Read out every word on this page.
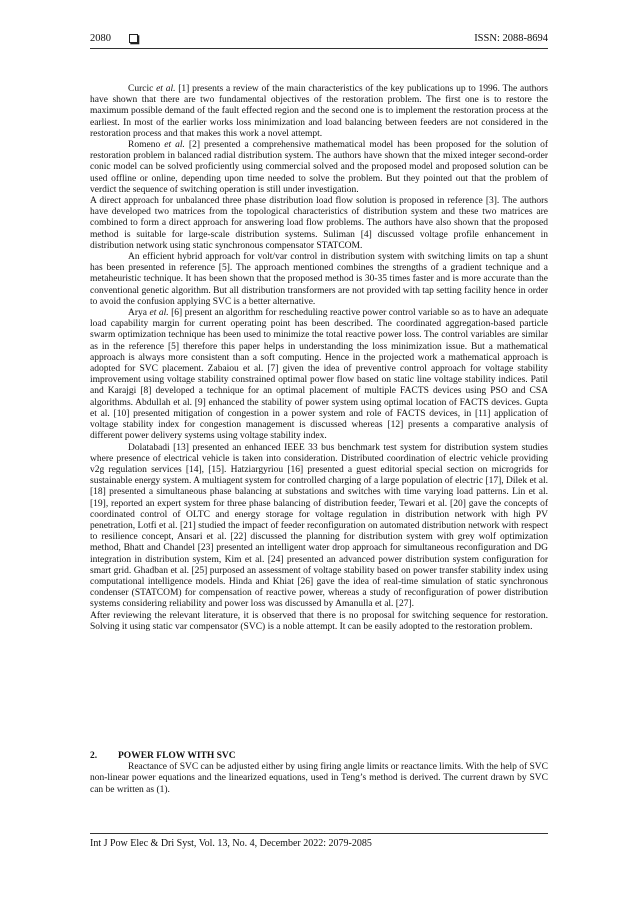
2080	ISSN: 2088-8694

Curcic et al. [1] presents a review of the main characteristics of the key publications up to 1996. The authors have shown that there are two fundamental objectives of the restoration problem. The first one is to restore the maximum possible demand of the fault effected region and the second one is to implement the restoration process at the earliest. In most of the earlier works loss minimization and load balancing between feeders are not considered in the restoration process and that makes this work a novel attempt.

Romeno et al. [2] presented a comprehensive mathematical model has been proposed for the solution of restoration problem in balanced radial distribution system. The authors have shown that the mixed integer second-order conic model can be solved proficiently using commercial solved and the proposed model and proposed solution can be used offline or online, depending upon time needed to solve the problem. But they pointed out that the problem of verdict the sequence of switching operation is still under investigation.

A direct approach for unbalanced three phase distribution load flow solution is proposed in reference [3]. The authors have developed two matrices from the topological characteristics of distribution system and these two matrices are combined to form a direct approach for answering load flow problems. The authors have also shown that the proposed method is suitable for large-scale distribution systems. Suliman [4] discussed voltage profile enhancement in distribution network using static synchronous compensator STATCOM.

An efficient hybrid approach for volt/var control in distribution system with switching limits on tap a shunt has been presented in reference [5]. The approach mentioned combines the strengths of a gradient technique and a metaheuristic technique. It has been shown that the proposed method is 30-35 times faster and is more accurate than the conventional genetic algorithm. But all distribution transformers are not provided with tap setting facility hence in order to avoid the confusion applying SVC is a better alternative.

Arya et al. [6] present an algorithm for rescheduling reactive power control variable so as to have an adequate load capability margin for current operating point has been described. The coordinated aggregation-based particle swarm optimization technique has been used to minimize the total reactive power loss. The control variables are similar as in the reference [5] therefore this paper helps in understanding the loss minimization issue. But a mathematical approach is always more consistent than a soft computing. Hence in the projected work a mathematical approach is adopted for SVC placement. Zabaiou et al. [7] given the idea of preventive control approach for voltage stability improvement using voltage stability constrained optimal power flow based on static line voltage stability indices. Patil and Karajgi [8] developed a technique for an optimal placement of multiple FACTS devices using PSO and CSA algorithms. Abdullah et al. [9] enhanced the stability of power system using optimal location of FACTS devices. Gupta et al. [10] presented mitigation of congestion in a power system and role of FACTS devices, in [11] application of voltage stability index for congestion management is discussed whereas [12] presents a comparative analysis of different power delivery systems using voltage stability index.

Dolatabadi [13] presented an enhanced IEEE 33 bus benchmark test system for distribution system studies where presence of electrical vehicle is taken into consideration. Distributed coordination of electric vehicle providing v2g regulation services [14], [15]. Hatziargyriou [16] presented a guest editorial special section on microgrids for sustainable energy system. A multiagent system for controlled charging of a large population of electric [17], Dilek et al. [18] presented a simultaneous phase balancing at substations and switches with time varying load patterns. Lin et al. [19], reported an expert system for three phase balancing of distribution feeder, Tewari et al. [20] gave the concepts of coordinated control of OLTC and energy storage for voltage regulation in distribution network with high PV penetration, Lotfi et al. [21] studied the impact of feeder reconfiguration on automated distribution network with respect to resilience concept, Ansari et al. [22] discussed the planning for distribution system with grey wolf optimization method, Bhatt and Chandel [23] presented an intelligent water drop approach for simultaneous reconfiguration and DG integration in distribution system, Kim et al. [24] presented an advanced power distribution system configuration for smart grid. Ghadban et al. [25] purposed an assessment of voltage stability based on power transfer stability index using computational intelligence models. Hinda and Khiat [26] gave the idea of real-time simulation of static synchronous condenser (STATCOM) for compensation of reactive power, whereas a study of reconfiguration of power distribution systems considering reliability and power loss was discussed by Amanulla et al. [27].

After reviewing the relevant literature, it is observed that there is no proposal for switching sequence for restoration. Solving it using static var compensator (SVC) is a noble attempt. It can be easily adopted to the restoration problem.

2.	POWER FLOW WITH SVC

Reactance of SVC can be adjusted either by using firing angle limits or reactance limits. With the help of SVC non-linear power equations and the linearized equations, used in Teng’s method is derived. The current drawn by SVC can be written as (1).

Int J Pow Elec & Dri Syst, Vol. 13, No. 4, December 2022: 2079-2085
